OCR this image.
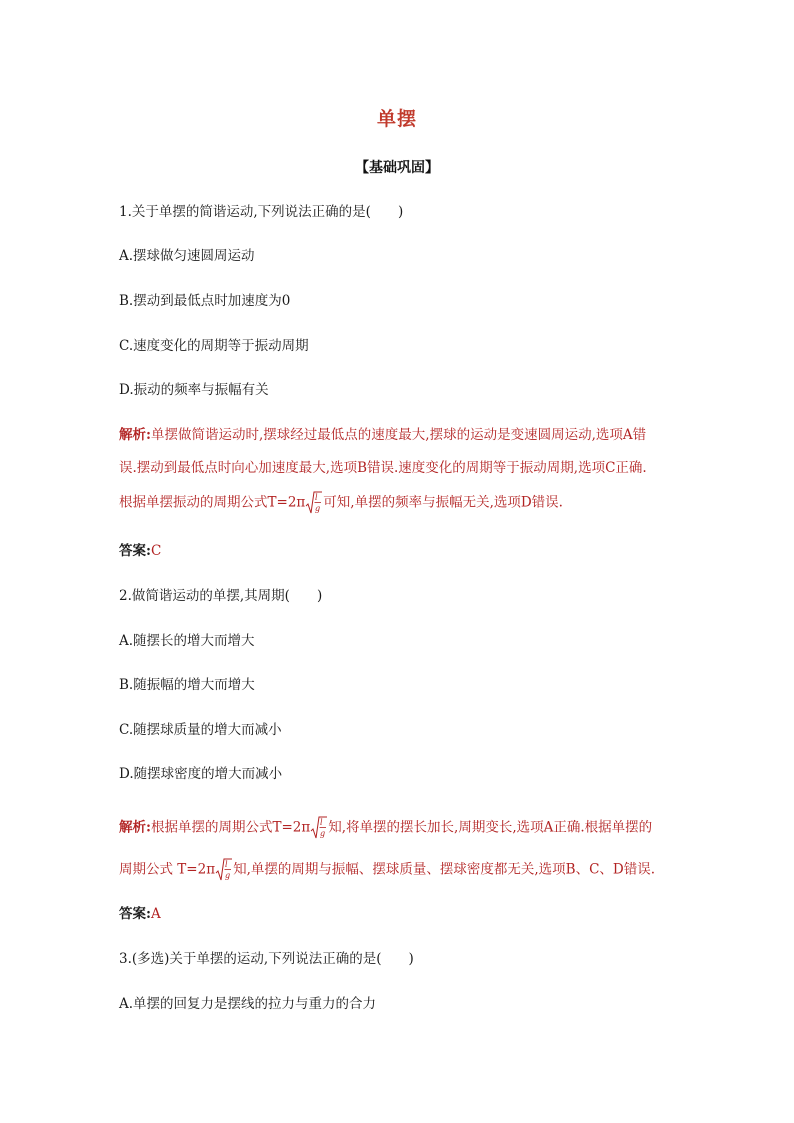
单摆
【基础巩固】
1.关于单摆的简谐运动,下列说法正确的是(　　)
A.摆球做匀速圆周运动
B.摆动到最低点时加速度为0
C.速度变化的周期等于振动周期
D.振动的频率与振幅有关
解析:单摆做简谐运动时,摆球经过最低点的速度最大,摆球的运动是变速圆周运动,选项A错
误.摆动到最低点时向心加速度最大,选项B错误.速度变化的周期等于振动周期,选项C正确.
根据单摆振动的周期公式T=2π l
g 可知,单摆的频率与振幅无关,选项D错误.
答案:C
2.做简谐运动的单摆,其周期(　　)
A.随摆长的增大而增大
B.随振幅的增大而增大
C.随摆球质量的增大而减小
D.随摆球密度的增大而减小
解析:根据单摆的周期公式T=2π l
g 知,将单摆的摆长加长,周期变长,选项A正确.根据单摆的
周期公式 T=2π l
g 知,单摆的周期与振幅、摆球质量、摆球密度都无关,选项B、C、D错误.
答案:A
3.(多选)关于单摆的运动,下列说法正确的是(　　)
A.单摆的回复力是摆线的拉力与重力的合力
